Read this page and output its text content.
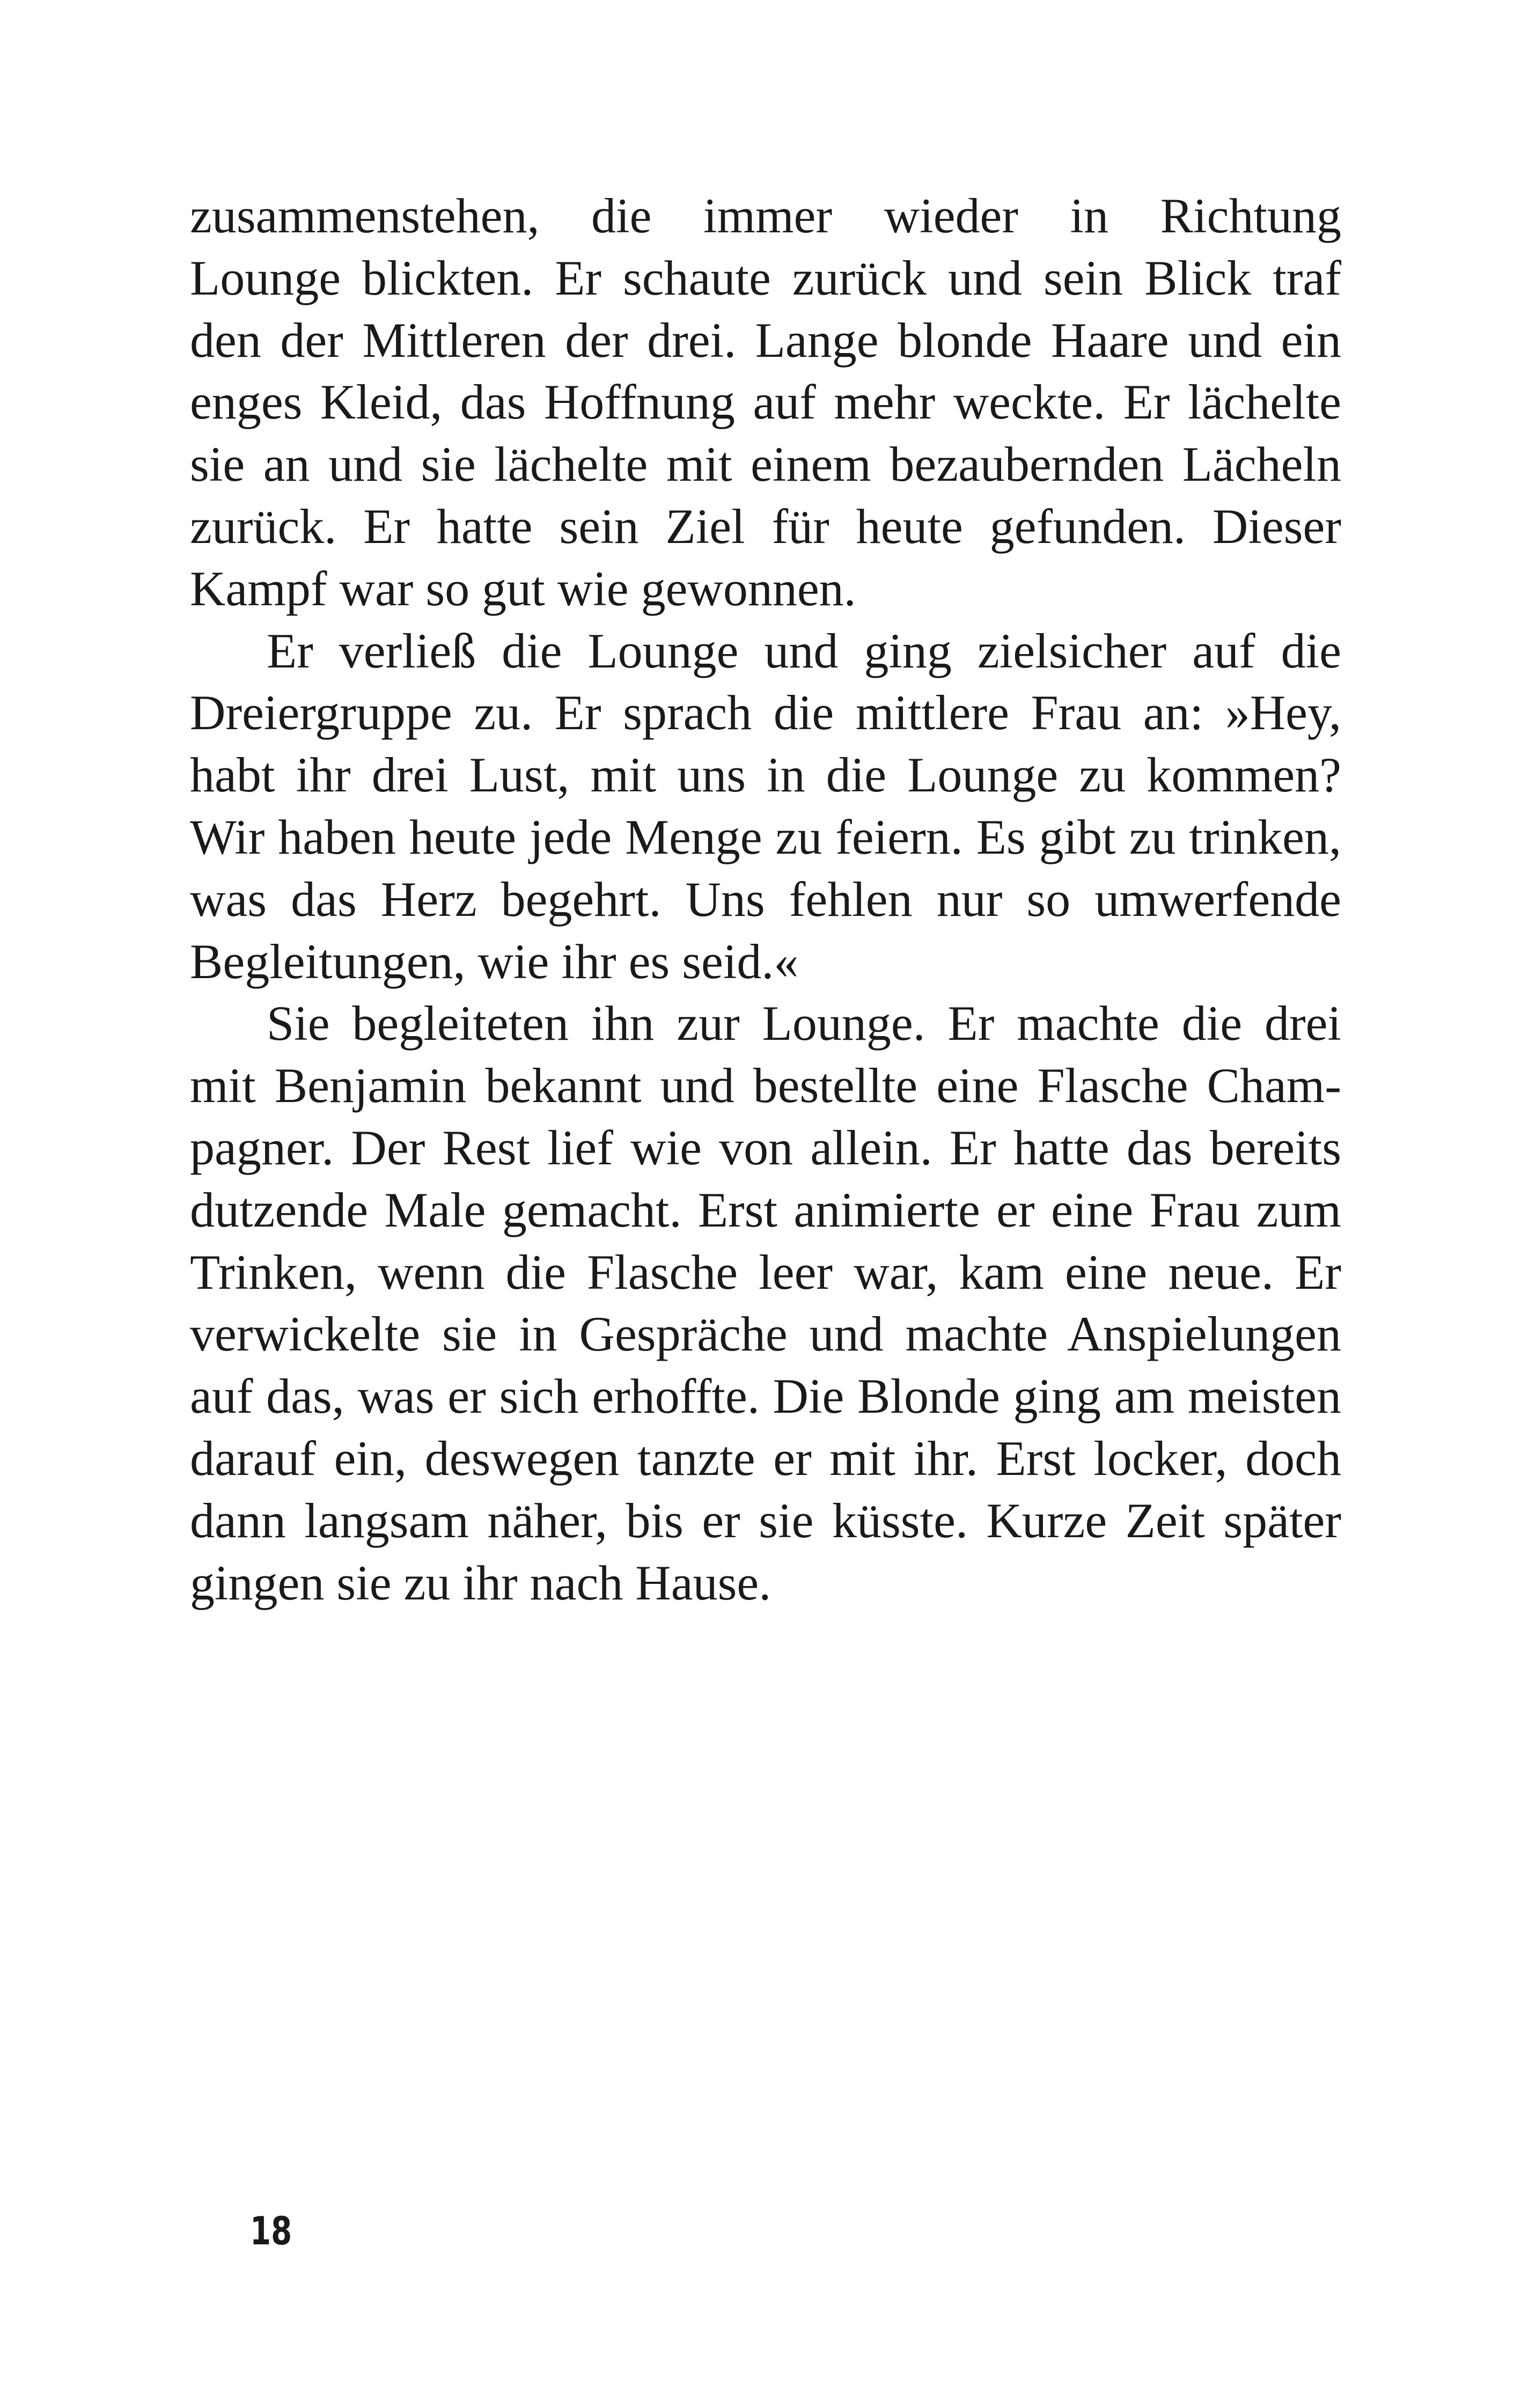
zusammenstehen, die immer wieder in Richtung
Lounge blickten. Er schaute zurück und sein Blick traf
den der Mittleren der drei. Lange blonde Haare und ein
enges Kleid, das Hoffnung auf mehr weckte. Er lächelte
sie an und sie lächelte mit einem bezaubernden Lächeln
zurück. Er hatte sein Ziel für heute gefunden. Dieser
Kampf war so gut wie gewonnen.
Er verließ die Lounge und ging zielsicher auf die
Dreiergruppe zu. Er sprach die mittlere Frau an: »Hey,
habt ihr drei Lust, mit uns in die Lounge zu kommen?
Wir haben heute jede Menge zu feiern. Es gibt zu trinken,
was das Herz begehrt. Uns fehlen nur so umwerfende
Begleitungen, wie ihr es seid.«
Sie begleiteten ihn zur Lounge. Er machte die drei
mit Benjamin bekannt und bestellte eine Flasche Cham-
pagner. Der Rest lief wie von allein. Er hatte das bereits
dutzende Male gemacht. Erst animierte er eine Frau zum
Trinken, wenn die Flasche leer war, kam eine neue. Er
verwickelte sie in Gespräche und machte Anspielungen
auf das, was er sich erhoffte. Die Blonde ging am meisten
darauf ein, deswegen tanzte er mit ihr. Erst locker, doch
dann langsam näher, bis er sie küsste. Kurze Zeit später
gingen sie zu ihr nach Hause.
18
